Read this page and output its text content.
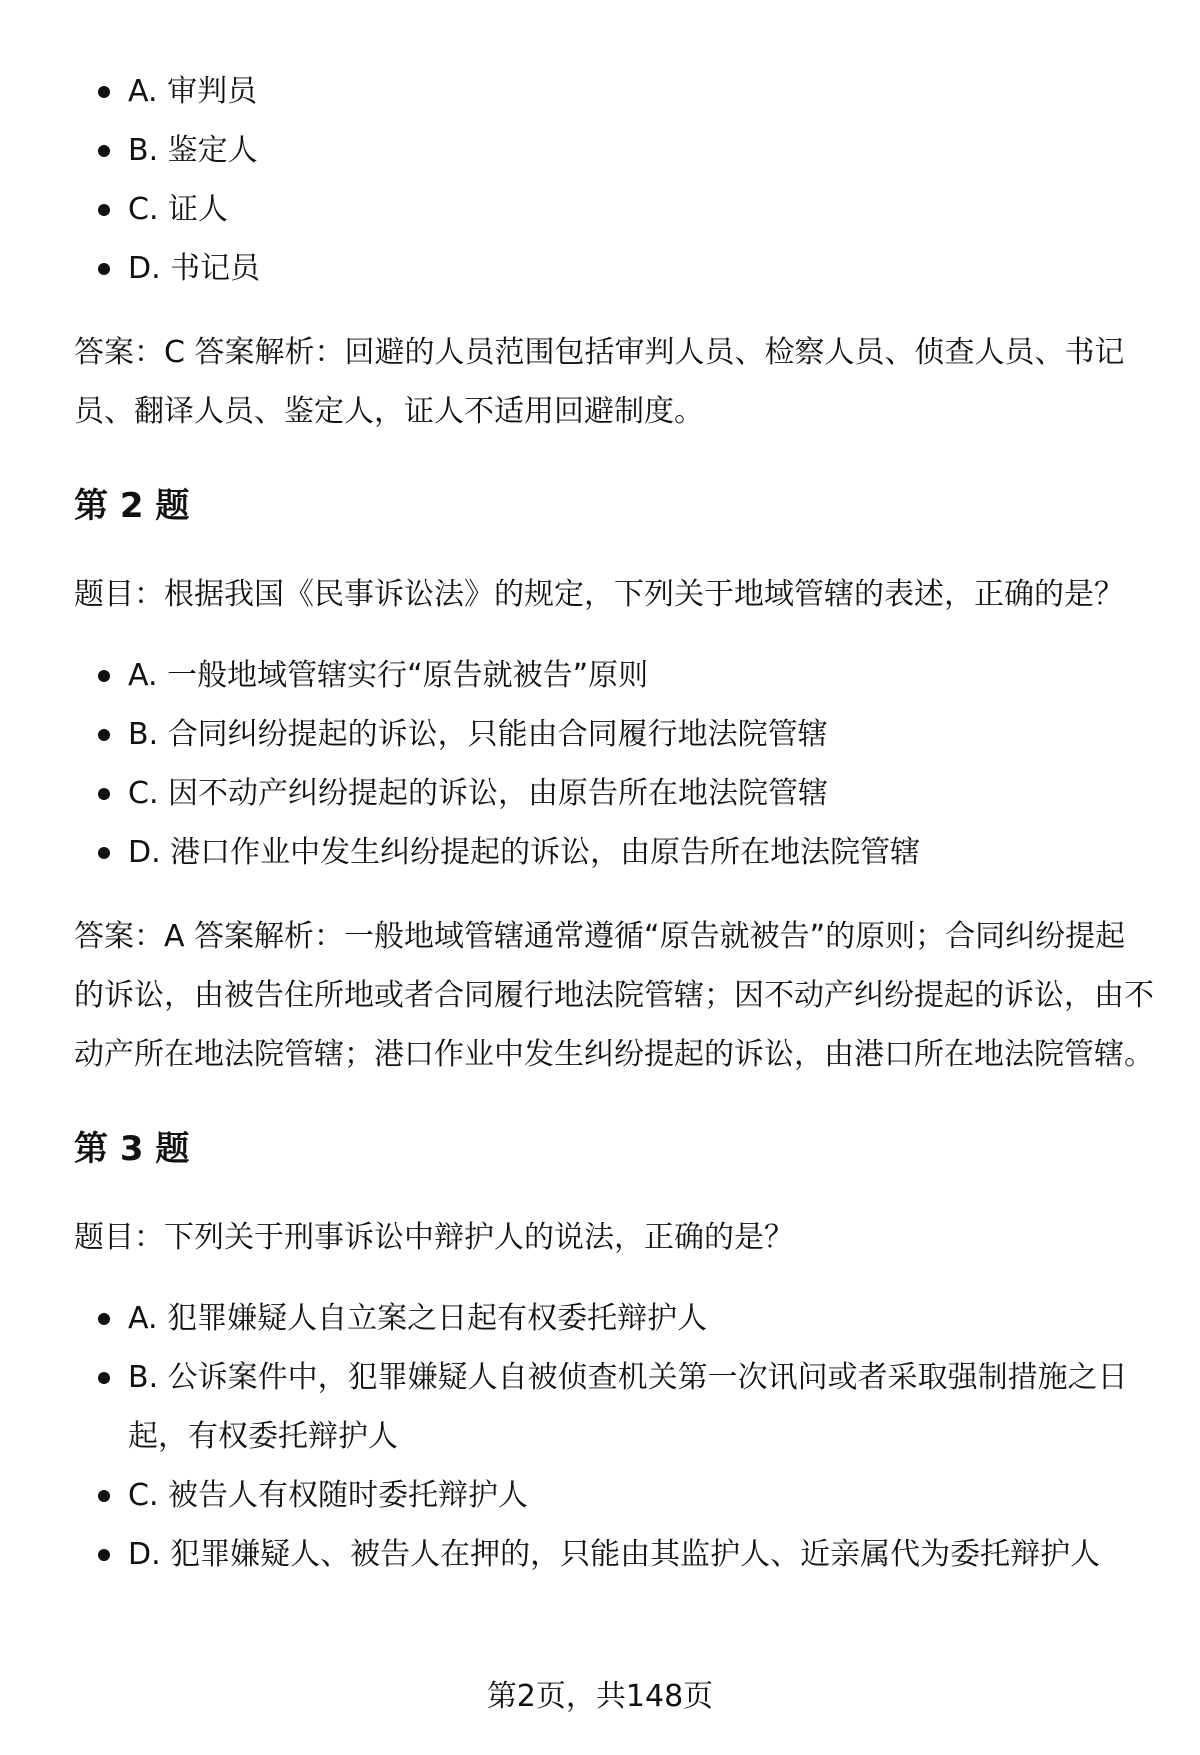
A. 审判员
B. 鉴定人
C. 证人
D. 书记员

答案：C 答案解析：回避的人员范围包括审判人员、检察人员、侦查人员、书记员、翻译人员、鉴定人，证人不适用回避制度。

第 2 题

题目：根据我国《民事诉讼法》的规定，下列关于地域管辖的表述，正确的是？

A. 一般地域管辖实行“原告就被告”原则
B. 合同纠纷提起的诉讼，只能由合同履行地法院管辖
C. 因不动产纠纷提起的诉讼，由原告所在地法院管辖
D. 港口作业中发生纠纷提起的诉讼，由原告所在地法院管辖

答案：A 答案解析：一般地域管辖通常遵循“原告就被告”的原则；合同纠纷提起的诉讼，由被告住所地或者合同履行地法院管辖；因不动产纠纷提起的诉讼，由不动产所在地法院管辖；港口作业中发生纠纷提起的诉讼，由港口所在地法院管辖。

第 3 题

题目：下列关于刑事诉讼中辩护人的说法，正确的是？

A. 犯罪嫌疑人自立案之日起有权委托辩护人
B. 公诉案件中，犯罪嫌疑人自被侦查机关第一次讯问或者采取强制措施之日起，有权委托辩护人
C. 被告人有权随时委托辩护人
D. 犯罪嫌疑人、被告人在押的，只能由其监护人、近亲属代为委托辩护人
第2页，共148页
